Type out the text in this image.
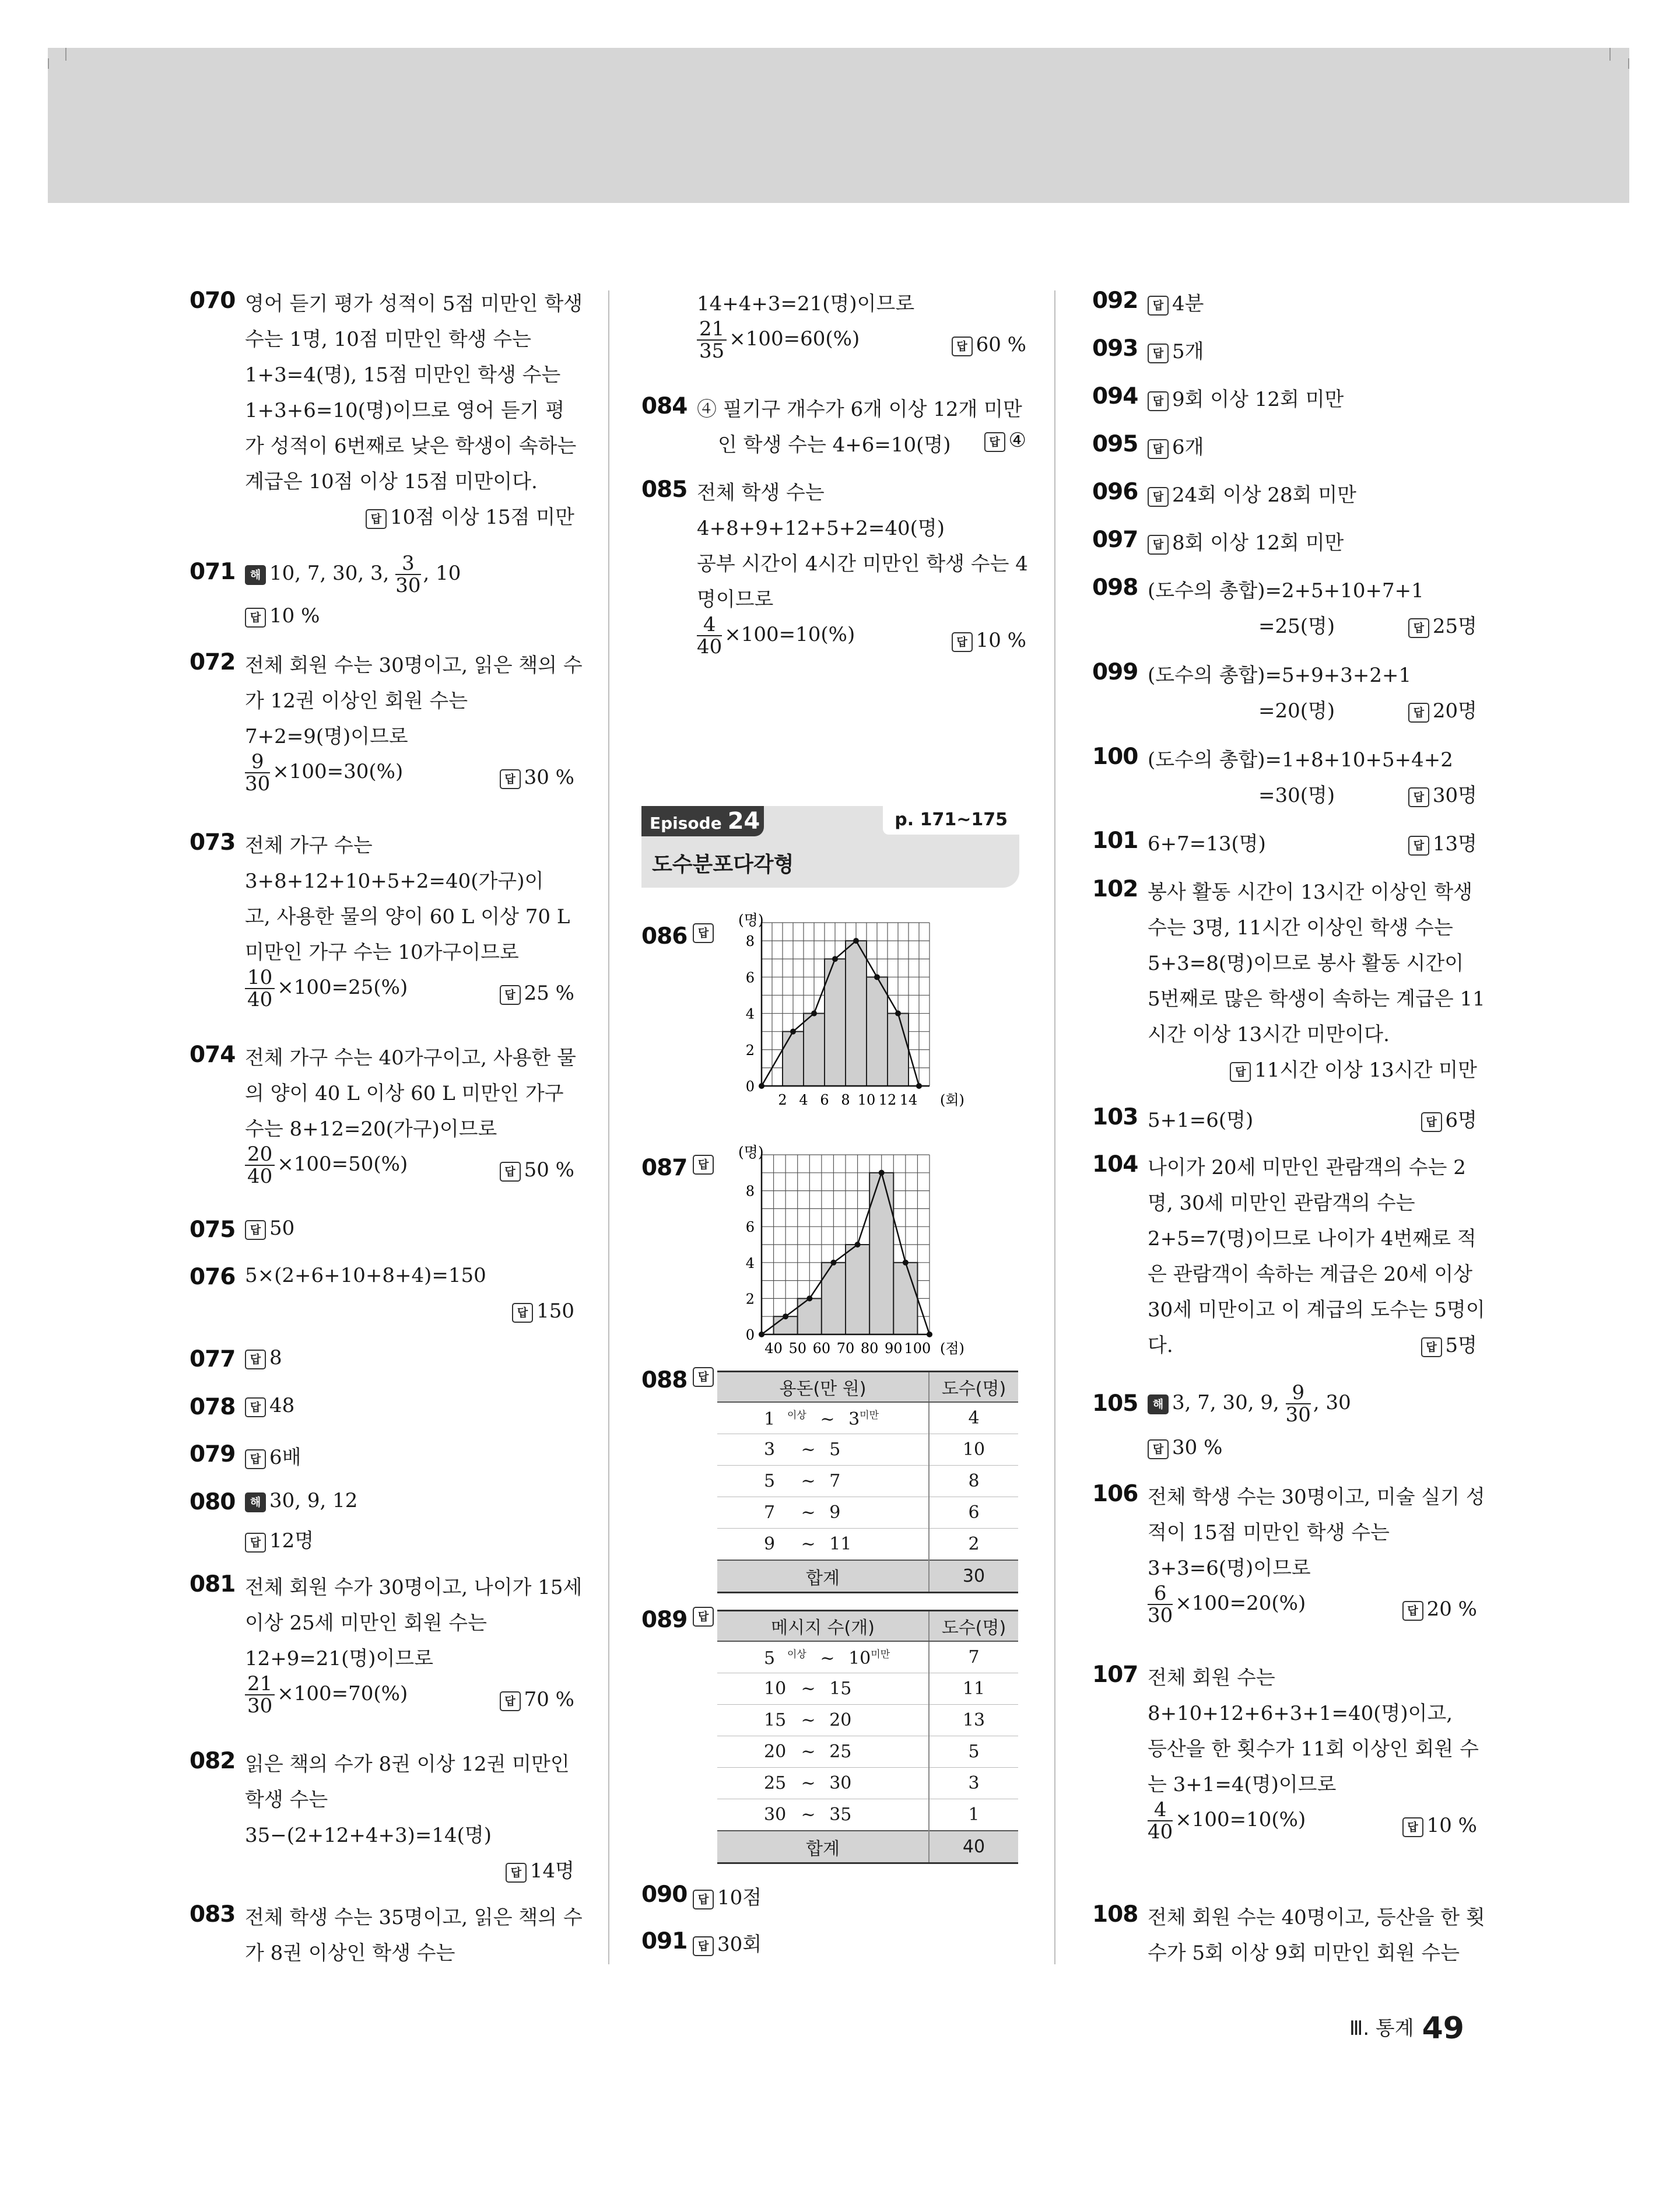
070 영어 듣기 평가 성적이 5점 미만인 학생
수는 1명, 10점 미만인 학생 수는
1+3=4(명), 15점 미만인 학생 수는
1+3+6=10(명)이므로 영어 듣기 평
가 성적이 6번째로 낮은 학생이 속하는
계급은 10점 이상 15점 미만이다.
답 10점 이상 15점 미만
071	해 10, 7, 30, 3, $\frac{3}{30}$ , 10
답 10 %
072 전체 회원 수는 30명이고, 읽은 책의 수
가 12권 이상인 회원 수는
7+2=9(명)이므로
$\frac{9}{30} \times 100=30(\%)$	답 30 %
073 전체 가구 수는
3+8+12+10+5+2=40(가구)이
고, 사용한 물의 양이 60 L 이상 70 L
미만인 가구 수는 10가구이므로
$\frac{10}{40} \times 100=25(\%)$	답 25 %
074 전체 가구 수는 40가구이고, 사용한 물
의 양이 40 L 이상 60 L 미만인 가구
수는 8+12=20(가구)이므로
$\frac{20}{40} \times 100=50(\%)$	답 50 %
075	답 50
076 5×(2+6+10+8+4)=150
답 150
077	답 8
078	답 48
079	답 6배
080	해 30, 9, 12
답 12명
081 전체 회원 수가 30명이고, 나이가 15세
이상 25세 미만인 회원 수는
12+9=21(명)이므로
$\frac{21}{30} \times 100=70(\%)$	답 70 %
082 읽은 책의 수가 8권 이상 12권 미만인
학생 수는
35−(2+12+4+3)=14(명)
답 14명
083 전체 학생 수는 35명이고, 읽은 책의 수
가 8권 이상인 학생 수는
14+4+3=21(명)이므로
$\frac{21}{35} \times 100=60(\%)$	답 60 %
084 ④ 필기구 개수가 6개 이상 12개 미만
인 학생 수는 4+6=10(명)	답 ④
085 전체 학생 수는
4+8+9+12+5+2=40(명)
공부 시간이 4시간 미만인 학생 수는 4
명이므로
$\frac{4}{40} \times 100=10(\%)$	답 10 %
Episode 24	p. 171~175
도수분포다각형
086 답
0
2
4
6
8
2 4 6 8 10 12 14
(명)
(회)
087 답
0
2
4
6
8
40 50 60 70 80 90 100
(명)
(점)
088 답
용돈(만 원)	도수(명)
1 $^{이상}$ ~ $3^{미만}$	4
3 ~ 5	10
5 ~ 7	8
7 ~ 9	6
9 ~ 11	2
합계	30
089 답
메시지 수(개)	도수(명)
5 $^{이상}$ ~ $10^{미만}$	7
10 ~ 15	11
15 ~ 20	13
20 ~ 25	5
25 ~ 30	3
30 ~ 35	1
합계	40
090 답 10점
091 답 30회
092	답 4분
093	답 5개
094	답 9회 이상 12회 미만
095	답 6개
096	답 24회 이상 28회 미만
097	답 8회 이상 12회 미만
098 (도수의 총합)=2+5+10+7+1
=25(명)	답 25명
099 (도수의 총합)=5+9+3+2+1
=20(명)	답 20명
100 (도수의 총합)=1+8+10+5+4+2
=30(명)	답 30명
101 6+7=13(명)	답 13명
102 봉사 활동 시간이 13시간 이상인 학생
수는 3명, 11시간 이상인 학생 수는
5+3=8(명)이므로 봉사 활동 시간이
5번째로 많은 학생이 속하는 계급은 11
시간 이상 13시간 미만이다.
답 11시간 이상 13시간 미만
103 5+1=6(명)	답 6명
104 나이가 20세 미만인 관람객의 수는 2
명, 30세 미만인 관람객의 수는
2+5=7(명)이므로 나이가 4번째로 적
은 관람객이 속하는 계급은 20세 이상
30세 미만이고 이 계급의 도수는 5명이
다.	답 5명
105	해 3, 7, 30, 9, $\frac{9}{30}$ , 30
답 30 %
106 전체 학생 수는 30명이고, 미술 실기 성
적이 15점 미만인 학생 수는
3+3=6(명)이므로
$\frac{6}{30} \times 100=20(\%)$	답 20 %
107 전체 회원 수는
8+10+12+6+3+1=40(명)이고,
등산을 한 횟수가 11회 이상인 회원 수
는 3+1=4(명)이므로
$\frac{4}{40} \times 100=10(\%)$	답 10 %
108 전체 회원 수는 40명이고, 등산을 한 횟
수가 5회 이상 9회 미만인 회원 수는
Ⅲ. 통계 49
